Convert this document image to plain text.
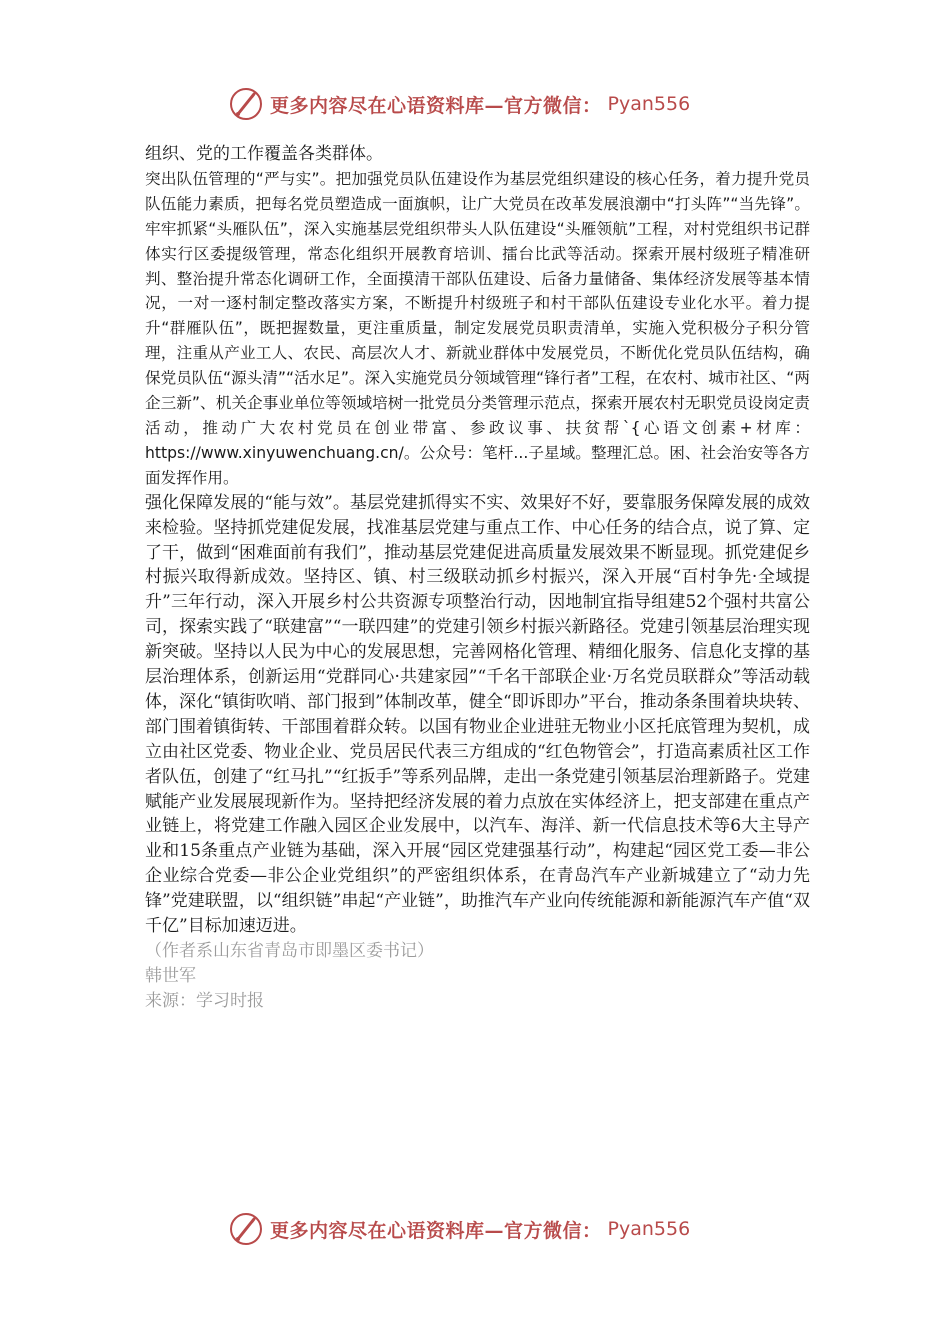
更多内容尽在心语资料库—官方微信： Pyan556

组织、党的工作覆盖各类群体。

突出队伍管理的“严与实”。把加强党员队伍建设作为基层党组织建设的核心任务，着力提升党员队伍能力素质，把每名党员塑造成一面旗帜，让广大党员在改革发展浪潮中“打头阵”“当先锋”。牢牢抓紧“头雁队伍”，深入实施基层党组织带头人队伍建设“头雁领航”工程，对村党组织书记群体实行区委提级管理，常态化组织开展教育培训、擂台比武等活动。探索开展村级班子精准研判、整治提升常态化调研工作，全面摸清干部队伍建设、后备力量储备、集体经济发展等基本情况，一对一逐村制定整改落实方案，不断提升村级班子和村干部队伍建设专业化水平。着力提升“群雁队伍”，既把握数量，更注重质量，制定发展党员职责清单，实施入党积极分子积分管理，注重从产业工人、农民、高层次人才、新就业群体中发展党员，不断优化党员队伍结构，确保党员队伍“源头清”“活水足”。深入实施党员分领域管理“锋行者”工程，在农村、城市社区、“两企三新”、机关企事业单位等领域培树一批党员分类管理示范点，探索开展农村无职党员设岗定责活动，推动广大农村党员在创业带富、参政议事、扶贫帮`{心语文创素+材库：https://www.xinyuwenchuang.cn/。公众号：笔杆...子星域。整理汇总。困、社会治安等各方面发挥作用。

强化保障发展的“能与效”。基层党建抓得实不实、效果好不好，要靠服务保障发展的成效来检验。坚持抓党建促发展，找准基层党建与重点工作、中心任务的结合点，说了算、定了干，做到“困难面前有我们”，推动基层党建促进高质量发展效果不断显现。抓党建促乡村振兴取得新成效。坚持区、镇、村三级联动抓乡村振兴，深入开展“百村争先·全域提升”三年行动，深入开展乡村公共资源专项整治行动，因地制宜指导组建52个强村共富公司，探索实践了“联建富”“一联四建”的党建引领乡村振兴新路径。党建引领基层治理实现新突破。坚持以人民为中心的发展思想，完善网格化管理、精细化服务、信息化支撑的基层治理体系，创新运用“党群同心·共建家园”“千名干部联企业·万名党员联群众”等活动载体，深化“镇街吹哨、部门报到”体制改革，健全“即诉即办”平台，推动条条围着块块转、部门围着镇街转、干部围着群众转。以国有物业企业进驻无物业小区托底管理为契机，成立由社区党委、物业企业、党员居民代表三方组成的“红色物管会”，打造高素质社区工作者队伍，创建了“红马扎”“红扳手”等系列品牌，走出一条党建引领基层治理新路子。党建赋能产业发展展现新作为。坚持把经济发展的着力点放在实体经济上，把支部建在重点产业链上，将党建工作融入园区企业发展中，以汽车、海洋、新一代信息技术等6大主导产业和15条重点产业链为基础，深入开展“园区党建强基行动”，构建起“园区党工委—非公企业综合党委—非公企业党组织”的严密组织体系，在青岛汽车产业新城建立了“动力先锋”党建联盟，以“组织链”串起“产业链”，助推汽车产业向传统能源和新能源汽车产值“双千亿”目标加速迈进。

（作者系山东省青岛市即墨区委书记）

韩世军

来源：学习时报

更多内容尽在心语资料库—官方微信： Pyan556
